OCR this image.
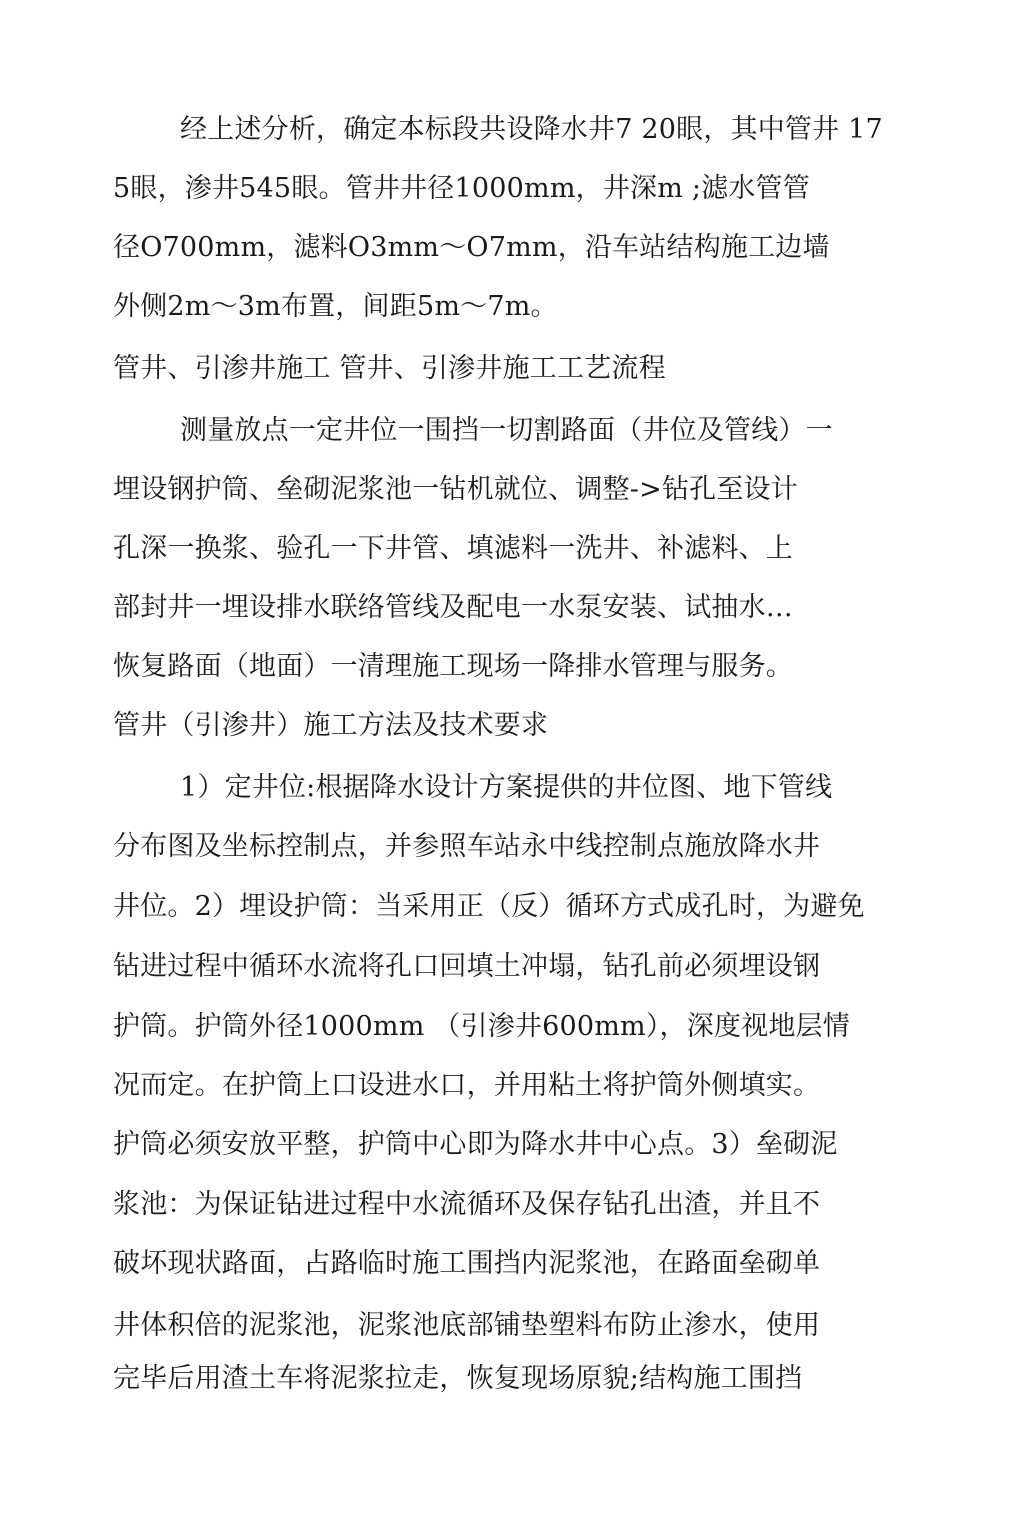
经上述分析，确定本标段共设降水井7 20眼，其中管井 17
5眼，渗井545眼。管井井径1000mm，井深m ;滤水管管
径O700mm，滤料O3mm～O7mm，沿车站结构施工边墙
外侧2m～3m布置，间距5m～7m。
管井、引渗井施工 管井、引渗井施工工艺流程
测量放点一定井位一围挡一切割路面（井位及管线）一
埋设钢护筒、垒砌泥浆池一钻机就位、调整->钻孔至设计
孔深一换浆、验孔一下井管、填滤料一洗井、补滤料、上
部封井一埋设排水联络管线及配电一水泵安装、试抽水…
恢复路面（地面）一清理施工现场一降排水管理与服务。
管井（引渗井）施工方法及技术要求
1）定井位:根据降水设计方案提供的井位图、地下管线
分布图及坐标控制点，并参照车站永中线控制点施放降水井
井位。2）埋设护筒：当采用正（反）循环方式成孔时，为避免
钻进过程中循环水流将孔口回填土冲塌，钻孔前必须埋设钢
护筒。护筒外径1000mm （引渗井600mm），深度视地层情
况而定。在护筒上口设进水口，并用粘土将护筒外侧填实。
护筒必须安放平整，护筒中心即为降水井中心点。3）垒砌泥
浆池：为保证钻进过程中水流循环及保存钻孔出渣，并且不
破坏现状路面，占路临时施工围挡内泥浆池，在路面垒砌单
井体积倍的泥浆池，泥浆池底部铺垫塑料布防止渗水，使用
完毕后用渣土车将泥浆拉走，恢复现场原貌;结构施工围挡
